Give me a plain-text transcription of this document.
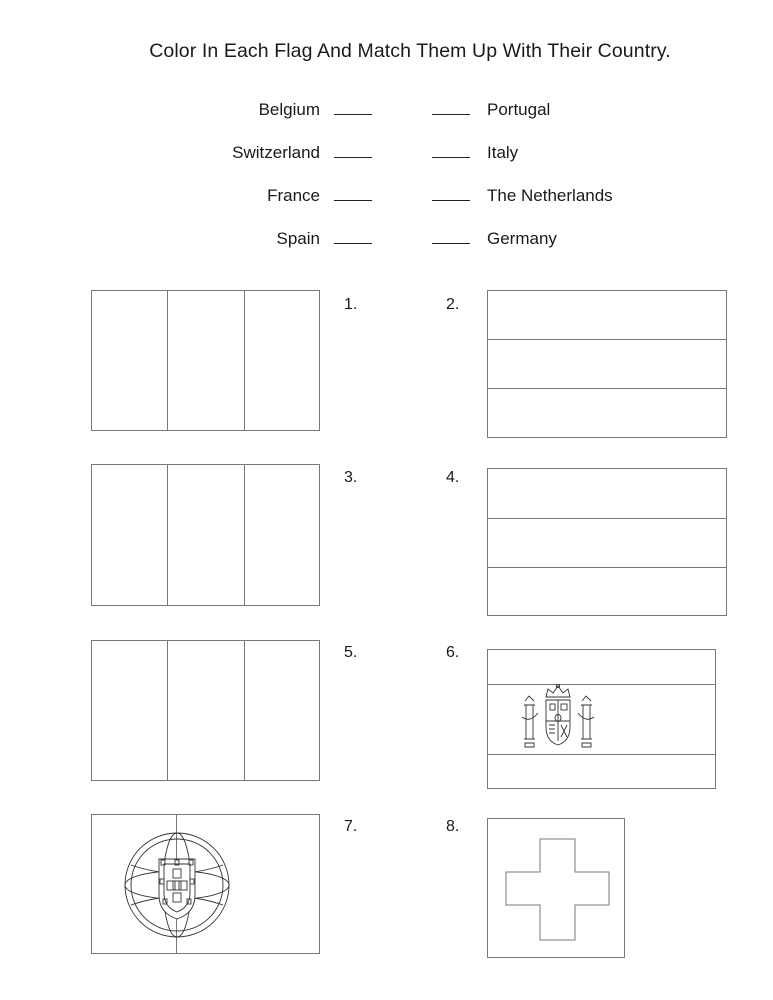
Color In Each Flag And Match Them Up With Their Country.
Belgium	Portugal
Switzerland	Italy
France	The Netherlands
Spain	Germany
1.	2.
3.	4.
5.	6.
7.	8.
